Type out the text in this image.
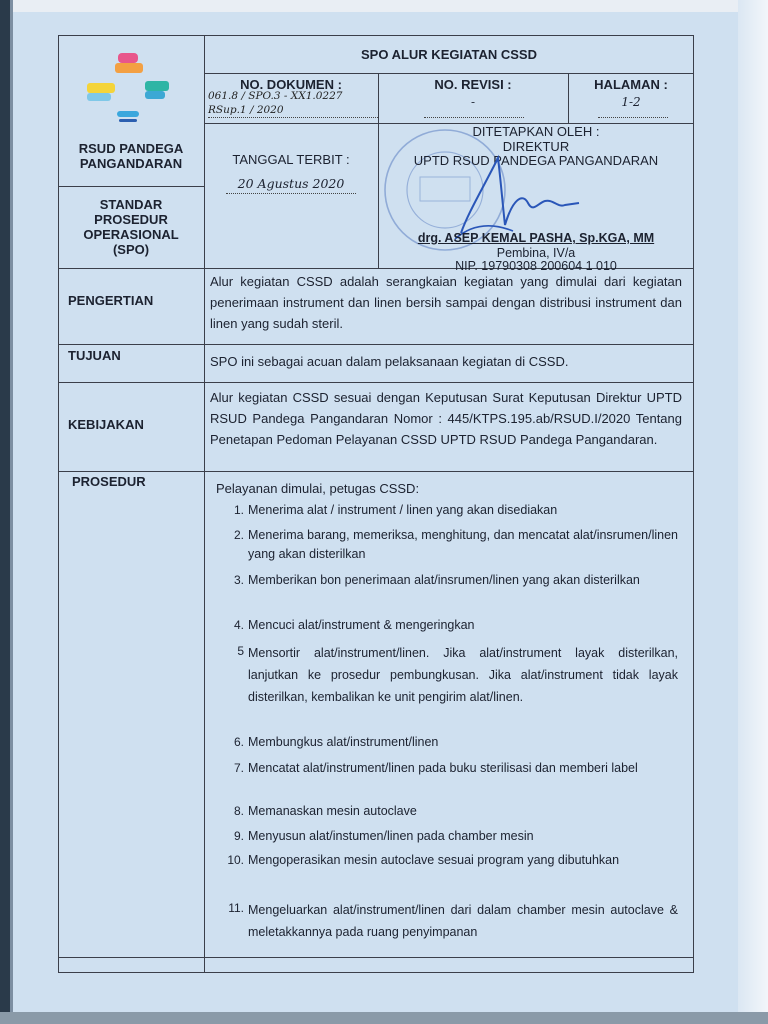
RSUD PANDEGA PANGANDARAN
STANDAR
PROSEDUR
OPERASIONAL
(SPO)
SPO ALUR KEGIATAN CSSD
NO. DOKUMEN :
061.8 / SPO.3 - XX1.0227
RSup.1 / 2020
NO. REVISI :
-
HALAMAN :
1-2
TANGGAL TERBIT :
20 Agustus 2020
DITETAPKAN OLEH :
DIREKTUR
UPTD RSUD PANDEGA PANGANDARAN
drg. ASEP KEMAL PASHA, Sp.KGA, MM
Pembina, IV/a
NIP. 19790308 200604 1 010
PENGERTIAN
Alur kegiatan CSSD adalah serangkaian kegiatan yang dimulai dari kegiatan penerimaan instrument dan linen bersih sampai dengan distribusi instrument dan linen yang sudah steril.
TUJUAN	SPO ini sebagai acuan dalam pelaksanaan kegiatan di CSSD.
KEBIJAKAN
Alur kegiatan CSSD sesuai dengan Keputusan Surat Keputusan Direktur UPTD RSUD Pandega Pangandaran Nomor : 445/KTPS.195.ab/RSUD.I/2020 Tentang Penetapan Pedoman Pelayanan CSSD UPTD RSUD Pandega Pangandaran.
PROSEDUR	Pelayanan dimulai, petugas CSSD:
1. Menerima alat / instrument / linen yang akan disediakan
2. Menerima barang, memeriksa, menghitung, dan mencatat alat/insrumen/linen yang akan disterilkan
3. Memberikan bon penerimaan alat/insrumen/linen yang akan disterilkan
4. Mencuci alat/instrument & mengeringkan
5 Mensortir alat/instrument/linen. Jika alat/instrument layak disterilkan, lanjutkan ke prosedur pembungkusan. Jika alat/instrument tidak layak disterilkan, kembalikan ke unit pengirim alat/linen.
6. Membungkus alat/instrument/linen
7. Mencatat alat/instrument/linen pada buku sterilisasi dan memberi label
8. Memanaskan mesin autoclave
9. Menyusun alat/instumen/linen pada chamber mesin
10. Mengoperasikan mesin autoclave sesuai program yang dibutuhkan
11. Mengeluarkan alat/instrument/linen dari dalam chamber mesin autoclave & meletakkannya pada ruang penyimpanan
